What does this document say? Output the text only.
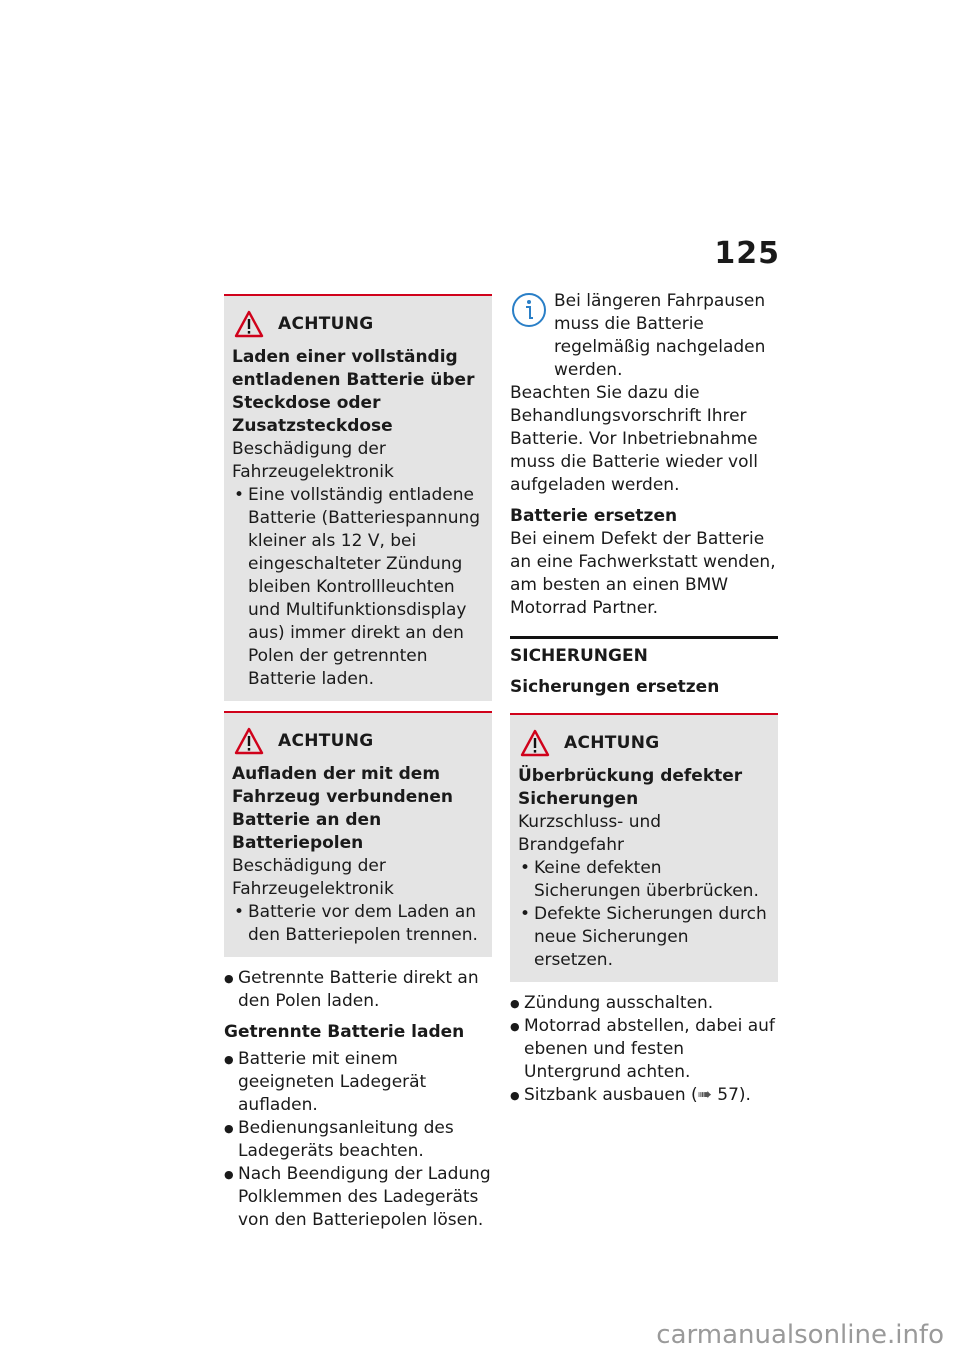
125
ACHTUNG

Laden einer vollständig entladenen Batterie über Steckdose oder Zusatzsteckdose

Beschädigung der Fahrzeugelektronik

• Eine vollständig entladene Batterie (Batteriespannung kleiner als 12 V, bei eingeschalteter Zündung bleiben Kontrollleuchten und Multifunktionsdisplay aus) immer direkt an den Polen der getrennten Batterie laden.
ACHTUNG

Aufladen der mit dem Fahrzeug verbundenen Batterie an den Batteriepolen

Beschädigung der Fahrzeugelektronik

• Batterie vor dem Laden an den Batteriepolen trennen.
● Getrennte Batterie direkt an den Polen laden.

Getrennte Batterie laden

● Batterie mit einem geeigneten Ladegerät aufladen.
● Bedienungsanleitung des Ladegeräts beachten.
● Nach Beendigung der Ladung Polklemmen des Ladegeräts von den Batteriepolen lösen.

Bei längeren Fahrpausen muss die Batterie regelmäßig nachgeladen werden.

Beachten Sie dazu die Behandlungsvorschrift Ihrer Batterie. Vor Inbetriebnahme muss die Batterie wieder voll aufgeladen werden.

Batterie ersetzen

Bei einem Defekt der Batterie an eine Fachwerkstatt wenden, am besten an einen BMW Motorrad Partner.

SICHERUNGEN

Sicherungen ersetzen

ACHTUNG

Überbrückung defekter Sicherungen

Kurzschluss- und Brandgefahr

• Keine defekten Sicherungen überbrücken.
• Defekte Sicherungen durch neue Sicherungen ersetzen.
● Zündung ausschalten.
● Motorrad abstellen, dabei auf ebenen und festen Untergrund achten.
● Sitzbank ausbauen (➠ 57).
carmanualsonline.info
